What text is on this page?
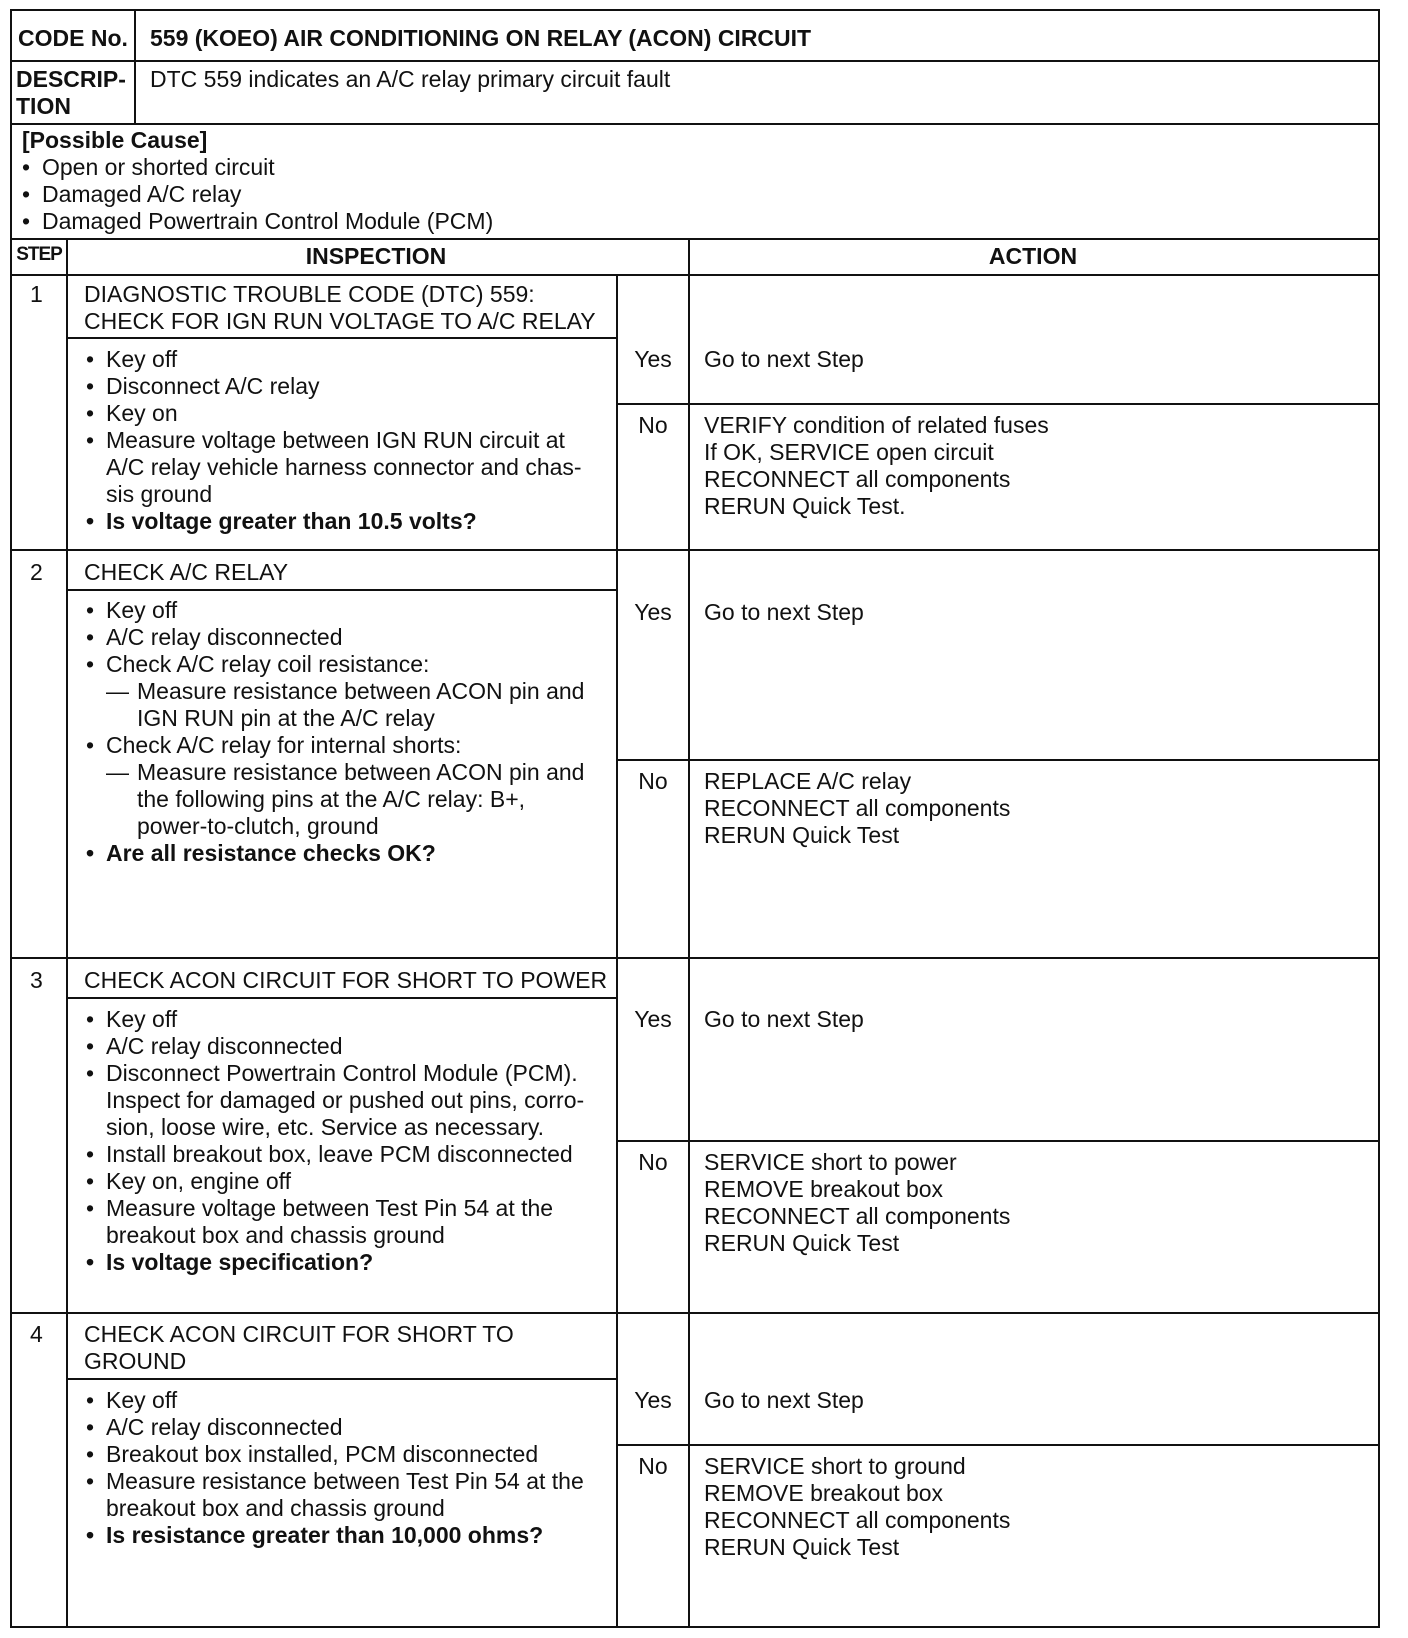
CODE No. 559 (KOEO) AIR CONDITIONING ON RELAY (ACON) CIRCUIT
DESCRIP-
TION
DTC 559 indicates an A/C relay primary circuit fault
[Possible Cause]
• Open or shorted circuit
• Damaged A/C relay
• Damaged Powertrain Control Module (PCM)
STEP	INSPECTION	ACTION
1 DIAGNOSTIC TROUBLE CODE (DTC) 559:
CHECK FOR IGN RUN VOLTAGE TO A/C RELAY
• Key off
• Disconnect A/C relay
• Key on
• Measure voltage between IGN RUN circuit at
A/C relay vehicle harness connector and chas-
sis ground
• Is voltage greater than 10.5 volts?
Yes	Go to next Step
No	VERIFY condition of related fuses
If OK, SERVICE open circuit
RECONNECT all components
RERUN Quick Test.
2 CHECK A/C RELAY
• Key off
• A/C relay disconnected
• Check A/C relay coil resistance:
— Measure resistance between ACON pin and
IGN RUN pin at the A/C relay
• Check A/C relay for internal shorts:
— Measure resistance between ACON pin and
the following pins at the A/C relay: B+,
power-to-clutch, ground
• Are all resistance checks OK?
Yes	Go to next Step
No	REPLACE A/C relay
RECONNECT all components
RERUN Quick Test
3 CHECK ACON CIRCUIT FOR SHORT TO POWER
• Key off
• A/C relay disconnected
• Disconnect Powertrain Control Module (PCM).
Inspect for damaged or pushed out pins, corro-
sion, loose wire, etc. Service as necessary.
• Install breakout box, leave PCM disconnected
• Key on, engine off
• Measure voltage between Test Pin 54 at the
breakout box and chassis ground
• Is voltage specification?
Yes	Go to next Step
No	SERVICE short to power
REMOVE breakout box
RECONNECT all components
RERUN Quick Test
4 CHECK ACON CIRCUIT FOR SHORT TO
GROUND
• Key off
• A/C relay disconnected
• Breakout box installed, PCM disconnected
• Measure resistance between Test Pin 54 at the
breakout box and chassis ground
• Is resistance greater than 10,000 ohms?
Yes	Go to next Step
No	SERVICE short to ground
REMOVE breakout box
RECONNECT all components
RERUN Quick Test
